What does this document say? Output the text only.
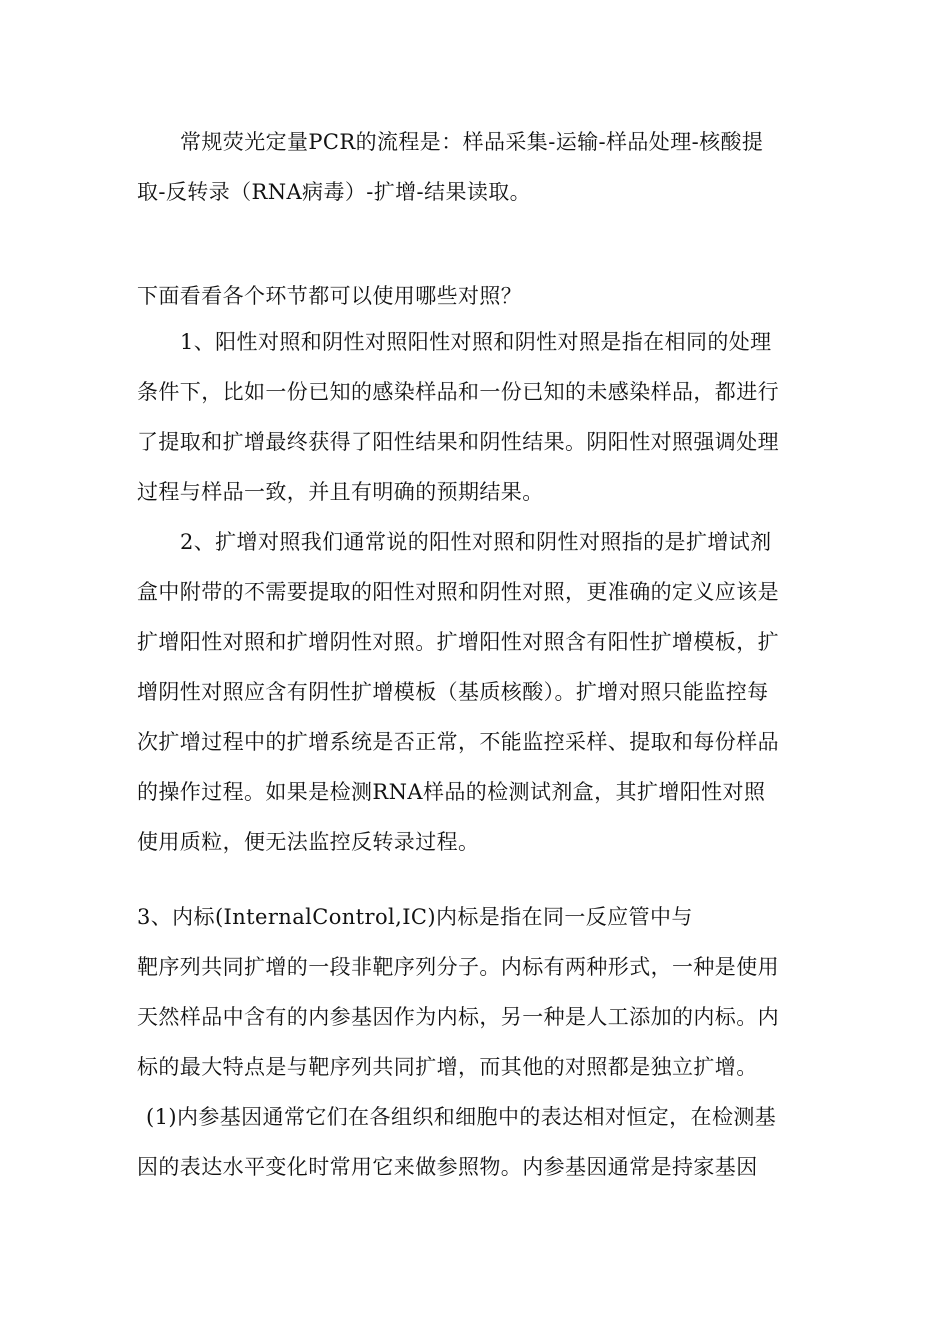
常规荧光定量PCR的流程是：样品采集-运输-样品处理-核酸提
取-反转录（RNA病毒）-扩增-结果读取。
下面看看各个环节都可以使用哪些对照？
1、阳性对照和阴性对照阳性对照和阴性对照是指在相同的处理
条件下，比如一份已知的感染样品和一份已知的未感染样品，都进行
了提取和扩增最终获得了阳性结果和阴性结果。阴阳性对照强调处理
过程与样品一致，并且有明确的预期结果。
2、扩增对照我们通常说的阳性对照和阴性对照指的是扩增试剂
盒中附带的不需要提取的阳性对照和阴性对照，更准确的定义应该是
扩增阳性对照和扩增阴性对照。扩增阳性对照含有阳性扩增模板，扩
增阴性对照应含有阴性扩增模板（基质核酸）。扩增对照只能监控每
次扩增过程中的扩增系统是否正常，不能监控采样、提取和每份样品
的操作过程。如果是检测RNA样品的检测试剂盒，其扩增阳性对照
使用质粒，便无法监控反转录过程。
3、内标(InternalControl,IC)内标是指在同一反应管中与
靶序列共同扩增的一段非靶序列分子。内标有两种形式，一种是使用
天然样品中含有的内参基因作为内标，另一种是人工添加的内标。内
标的最大特点是与靶序列共同扩增，而其他的对照都是独立扩增。
(1)内参基因通常它们在各组织和细胞中的表达相对恒定，在检测基
因的表达水平变化时常用它来做参照物。内参基因通常是持家基因
